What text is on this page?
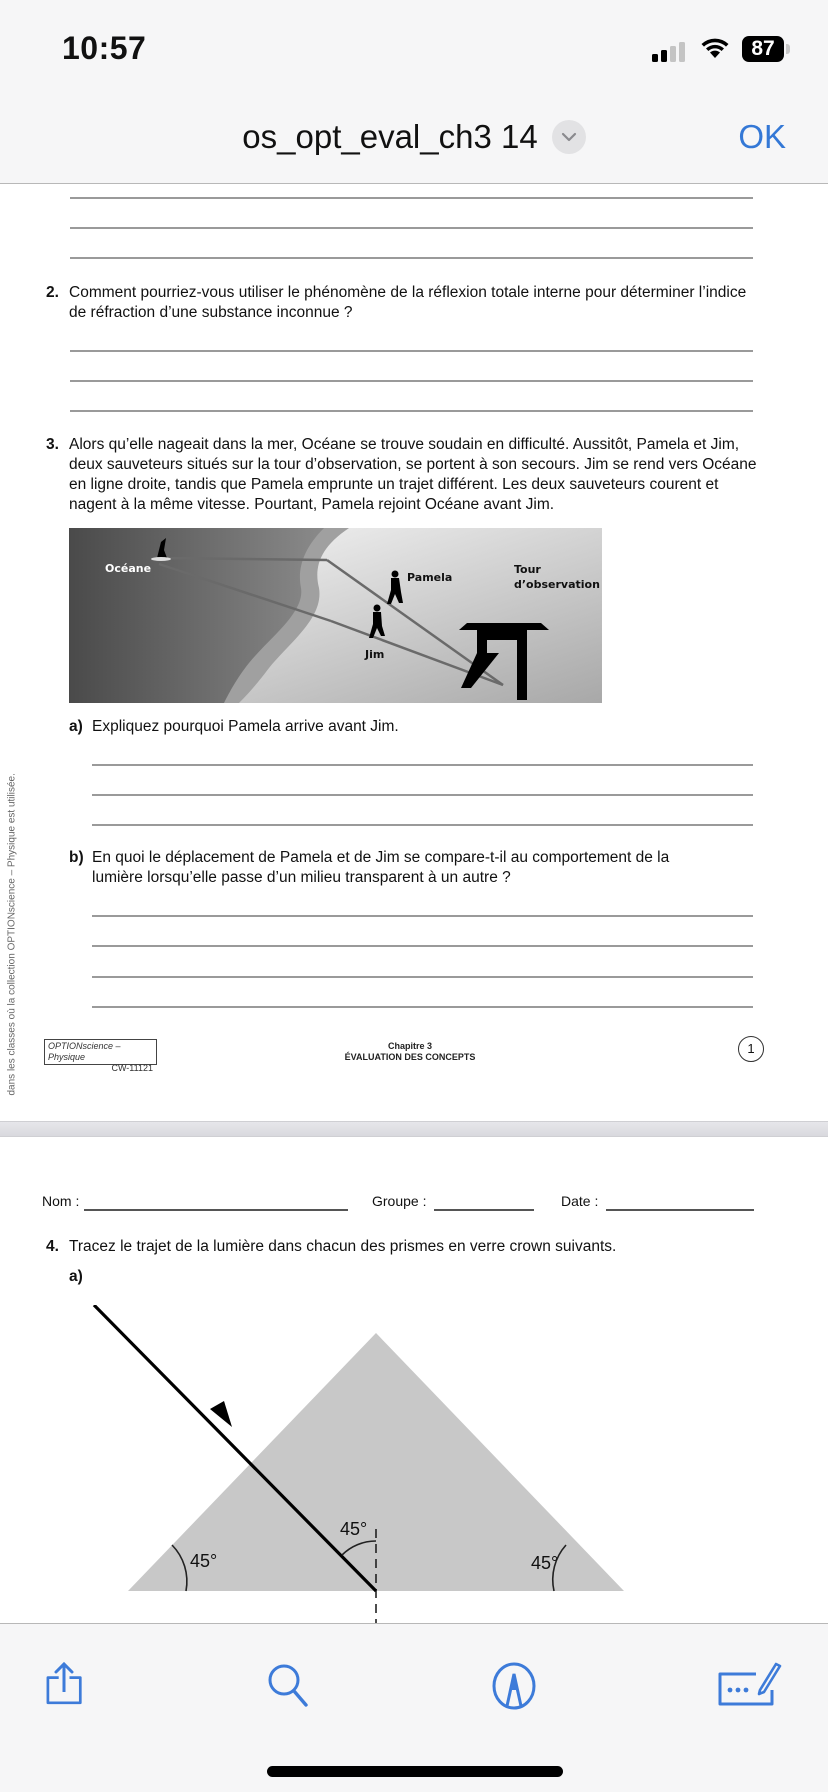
10:57	87
os_opt_eval_ch3 14	OK
dans les classes où la collection OPTIONscience – Physique est utilisée.
2. Comment pourriez-vous utiliser le phénomène de la réflexion totale interne pour déterminer l’indice de réfraction d’une substance inconnue ?
3. Alors qu’elle nageait dans la mer, Océane se trouve soudain en difficulté. Aussitôt, Pamela et Jim, deux sauveteurs situés sur la tour d’observation, se portent à son secours. Jim se rend vers Océane en ligne droite, tandis que Pamela emprunte un trajet différent. Les deux sauveteurs courent et nagent à la même vitesse. Pourtant, Pamela rejoint Océane avant Jim.
Océane
Pamela
Jim
Tour
d’observation
a) Expliquez pourquoi Pamela arrive avant Jim.
b) En quoi le déplacement de Pamela et de Jim se compare-t-il au comportement de la lumière lorsqu’elle passe d’un milieu transparent à un autre ?
OPTIONscience – Physique
CW-11121
Chapitre 3
ÉVALUATION DES CONCEPTS
1
Nom :	Groupe :	Date :
4. Tracez le trajet de la lumière dans chacun des prismes en verre crown suivants.
a)
45°	45°
45°
